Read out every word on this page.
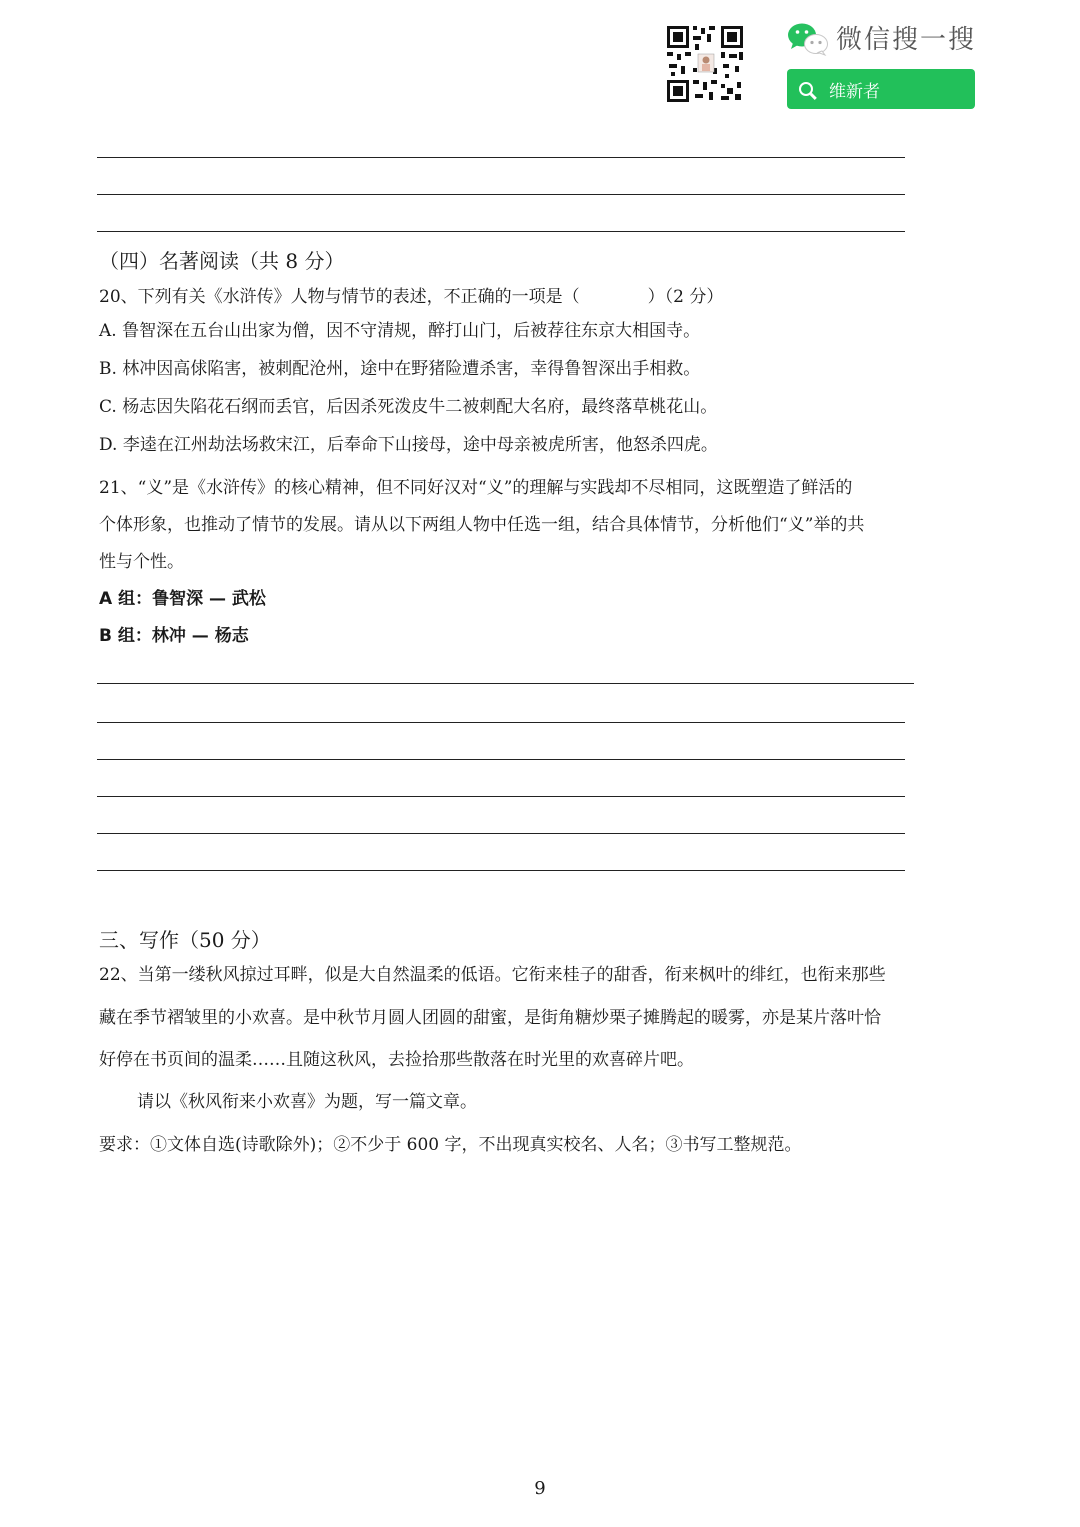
微信搜一搜
维新者
（四）名著阅读（共 8 分）
20、下列有关《水浒传》人物与情节的表述，不正确的一项是（　　　　）（2 分）
A. 鲁智深在五台山出家为僧，因不守清规，醉打山门，后被荐往东京大相国寺。
B. 林冲因高俅陷害，被刺配沧州，途中在野猪险遭杀害，幸得鲁智深出手相救。
C. 杨志因失陷花石纲而丢官，后因杀死泼皮牛二被刺配大名府，最终落草桃花山。
D. 李逵在江州劫法场救宋江，后奉命下山接母，途中母亲被虎所害，他怒杀四虎。
21、“义”是《水浒传》的核心精神，但不同好汉对“义”的理解与实践却不尽相同，这既塑造了鲜活的
个体形象，也推动了情节的发展。请从以下两组人物中任选一组，结合具体情节，分析他们“义”举的共
性与个性。
A 组：鲁智深 — 武松
B 组：林冲 — 杨志
三、写作（50 分）
22、当第一缕秋风掠过耳畔，似是大自然温柔的低语。它衔来桂子的甜香，衔来枫叶的绯红，也衔来那些
藏在季节褶皱里的小欢喜。是中秋节月圆人团圆的甜蜜，是街角糖炒栗子摊腾起的暖雾，亦是某片落叶恰
好停在书页间的温柔……且随这秋风，去捡拾那些散落在时光里的欢喜碎片吧。
请以《秋风衔来小欢喜》为题，写一篇文章。
要求：①文体自选(诗歌除外)；②不少于 600 字，不出现真实校名、人名；③书写工整规范。
9
